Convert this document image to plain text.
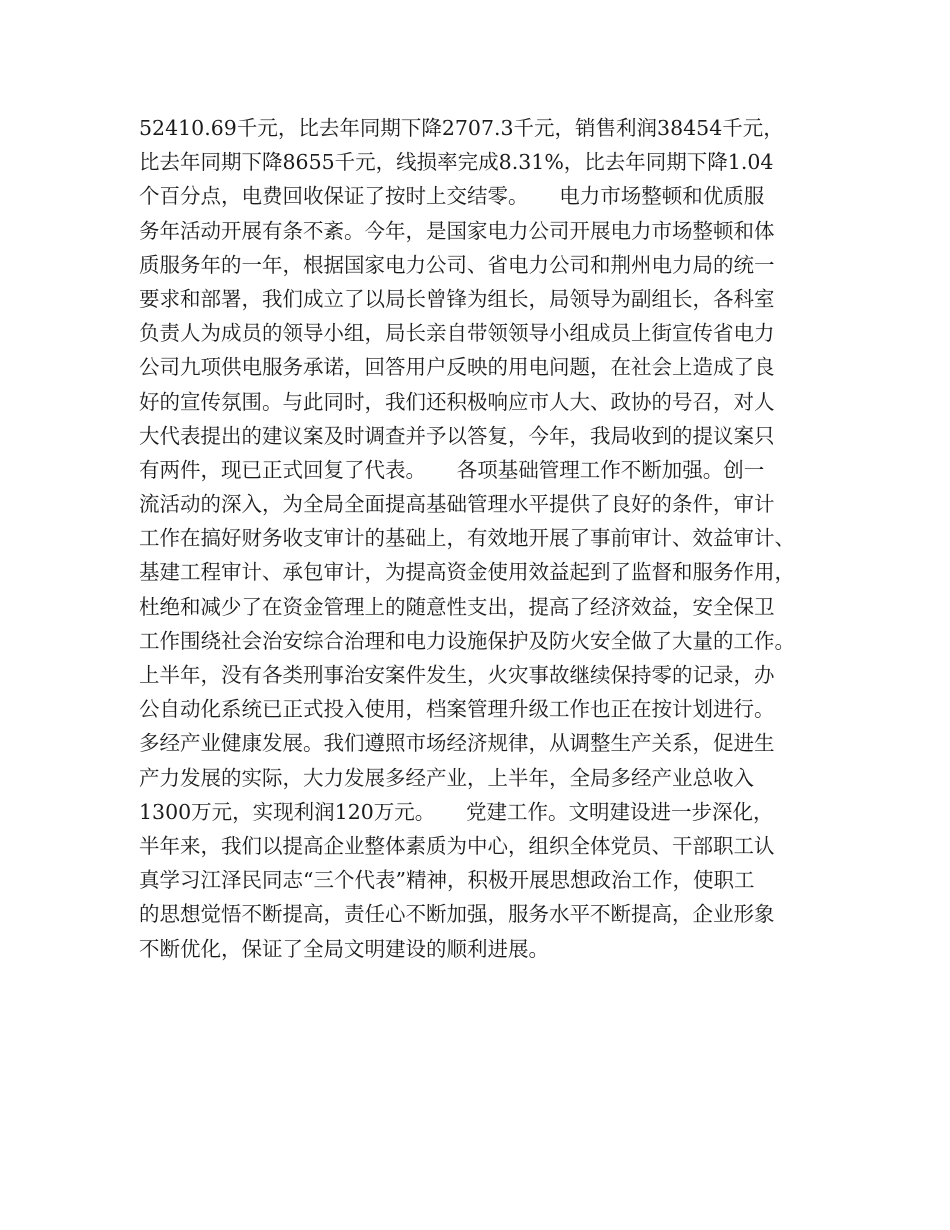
52410.69千元，比去年同期下降2707.3千元，销售利润38454千元，
比去年同期下降8655千元，线损率完成8.31%，比去年同期下降1.04
个百分点，电费回收保证了按时上交结零。　　电力市场整顿和优质服
务年活动开展有条不紊。今年，是国家电力公司开展电力市场整顿和体
质服务年的一年，根据国家电力公司、省电力公司和荆州电力局的统一
要求和部署，我们成立了以局长曾锋为组长，局领导为副组长，各科室
负责人为成员的领导小组，局长亲自带领领导小组成员上街宣传省电力
公司九项供电服务承诺，回答用户反映的用电问题，在社会上造成了良
好的宣传氛围。与此同时，我们还积极响应市人大、政协的号召，对人
大代表提出的建议案及时调查并予以答复，今年，我局收到的提议案只
有两件，现已正式回复了代表。　　各项基础管理工作不断加强。创一
流活动的深入，为全局全面提高基础管理水平提供了良好的条件，审计
工作在搞好财务收支审计的基础上，有效地开展了事前审计、效益审计、
基建工程审计、承包审计，为提高资金使用效益起到了监督和服务作用，
杜绝和减少了在资金管理上的随意性支出，提高了经济效益，安全保卫
工作围绕社会治安综合治理和电力设施保护及防火安全做了大量的工作。
上半年，没有各类刑事治安案件发生，火灾事故继续保持零的记录，办
公自动化系统已正式投入使用，档案管理升级工作也正在按计划进行。
多经产业健康发展。我们遵照市场经济规律，从调整生产关系，促进生
产力发展的实际，大力发展多经产业，上半年，全局多经产业总收入
1300万元，实现利润120万元。　　党建工作。文明建设进一步深化，
半年来，我们以提高企业整体素质为中心，组织全体党员、干部职工认
真学习江泽民同志“三个代表”精神，积极开展思想政治工作，使职工
的思想觉悟不断提高，责任心不断加强，服务水平不断提高，企业形象
不断优化，保证了全局文明建设的顺利进展。
